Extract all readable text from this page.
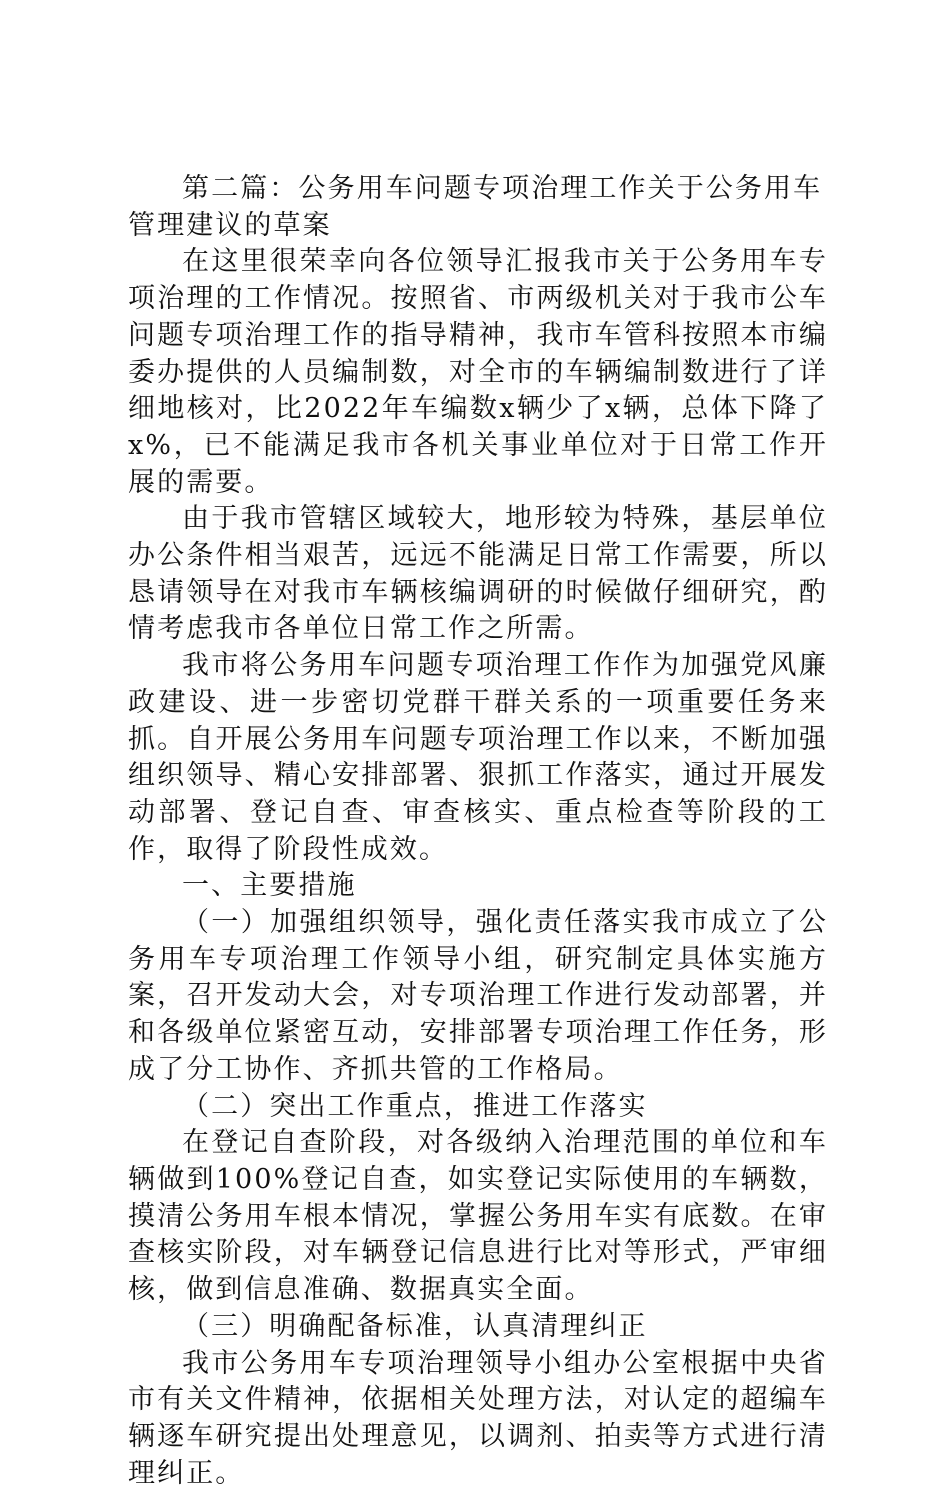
第二篇：公务用车问题专项治理工作关于公务用车管理建议的草案

在这里很荣幸向各位领导汇报我市关于公务用车专项治理的工作情况。按照省、市两级机关对于我市公车问题专项治理工作的指导精神，我市车管科按照本市编委办提供的人员编制数，对全市的车辆编制数进行了详细地核对，比2022年车编数x辆少了x辆，总体下降了x%，已不能满足我市各机关事业单位对于日常工作开展的需要。

由于我市管辖区域较大，地形较为特殊，基层单位办公条件相当艰苦，远远不能满足日常工作需要，所以恳请领导在对我市车辆核编调研的时候做仔细研究，酌情考虑我市各单位日常工作之所需。

我市将公务用车问题专项治理工作作为加强党风廉政建设、进一步密切党群干群关系的一项重要任务来抓。自开展公务用车问题专项治理工作以来，不断加强组织领导、精心安排部署、狠抓工作落实，通过开展发动部署、登记自查、审查核实、重点检查等阶段的工作，取得了阶段性成效。

一、主要措施

（一）加强组织领导，强化责任落实我市成立了公务用车专项治理工作领导小组，研究制定具体实施方案，召开发动大会，对专项治理工作进行发动部署，并和各级单位紧密互动，安排部署专项治理工作任务，形成了分工协作、齐抓共管的工作格局。

（二）突出工作重点，推进工作落实

在登记自查阶段，对各级纳入治理范围的单位和车辆做到100%登记自查，如实登记实际使用的车辆数，摸清公务用车根本情况，掌握公务用车实有底数。在审查核实阶段，对车辆登记信息进行比对等形式，严审细核，做到信息准确、数据真实全面。

（三）明确配备标准，认真清理纠正

我市公务用车专项治理领导小组办公室根据中央省市有关文件精神，依据相关处理方法，对认定的超编车辆逐车研究提出处理意见，以调剂、拍卖等方式进行清理纠正。
